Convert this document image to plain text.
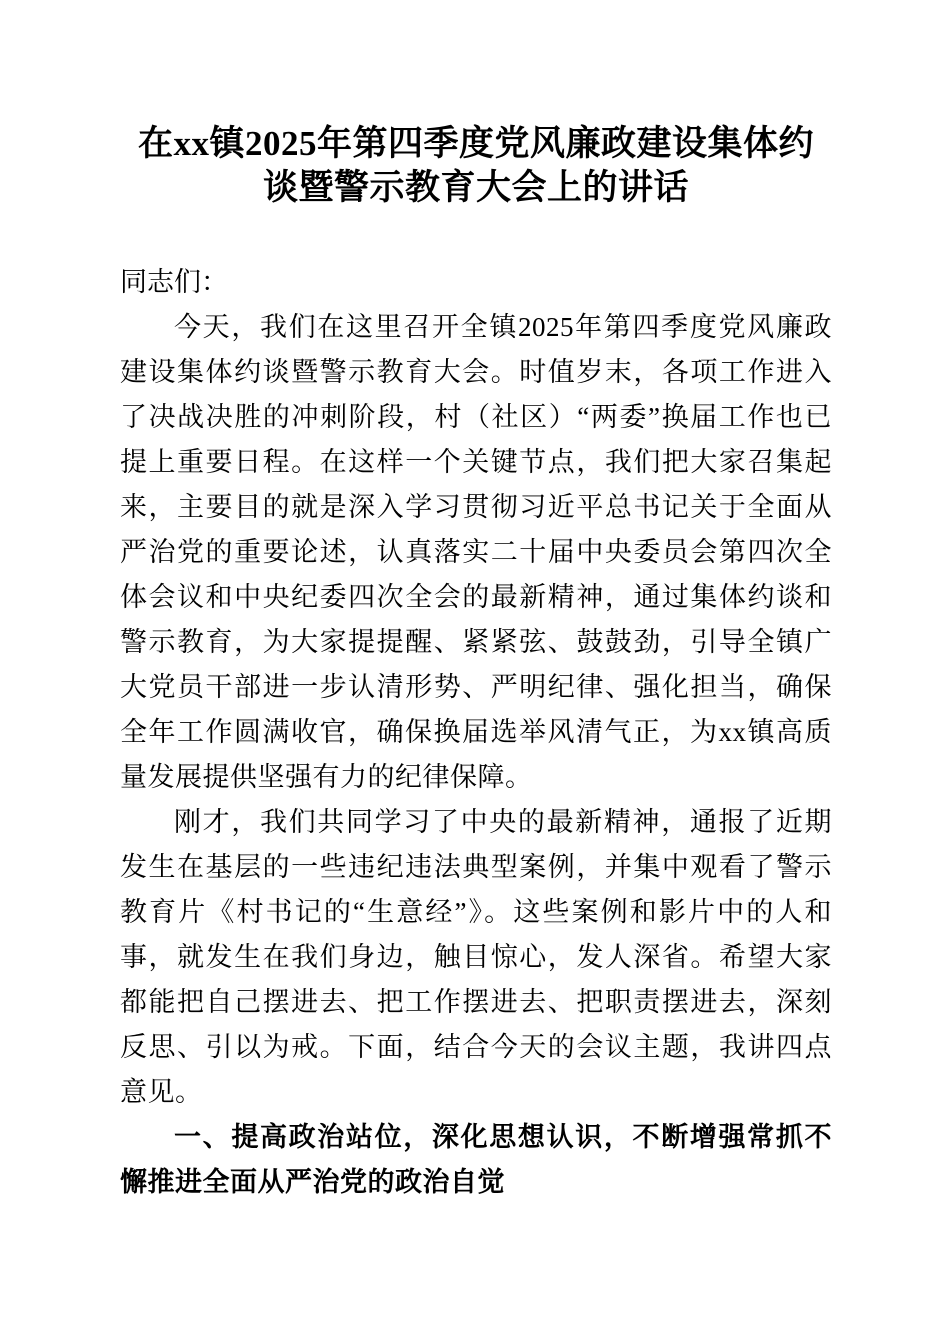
在xx镇2025年第四季度党风廉政建设集体约谈暨警示教育大会上的讲话

同志们：

今天，我们在这里召开全镇2025年第四季度党风廉政建设集体约谈暨警示教育大会。时值岁末，各项工作进入了决战决胜的冲刺阶段，村（社区）“两委”换届工作也已提上重要日程。在这样一个关键节点，我们把大家召集起来，主要目的就是深入学习贯彻习近平总书记关于全面从严治党的重要论述，认真落实二十届中央委员会第四次全体会议和中央纪委四次全会的最新精神，通过集体约谈和警示教育，为大家提提醒、紧紧弦、鼓鼓劲，引导全镇广大党员干部进一步认清形势、严明纪律、强化担当，确保全年工作圆满收官，确保换届选举风清气正，为xx镇高质量发展提供坚强有力的纪律保障。

刚才，我们共同学习了中央的最新精神，通报了近期发生在基层的一些违纪违法典型案例，并集中观看了警示教育片《村书记的“生意经”》。这些案例和影片中的人和事，就发生在我们身边，触目惊心，发人深省。希望大家都能把自己摆进去、把工作摆进去、把职责摆进去，深刻反思、引以为戒。下面，结合今天的会议主题，我讲四点意见。

一、提高政治站位，深化思想认识，不断增强常抓不懈推进全面从严治党的政治自觉
